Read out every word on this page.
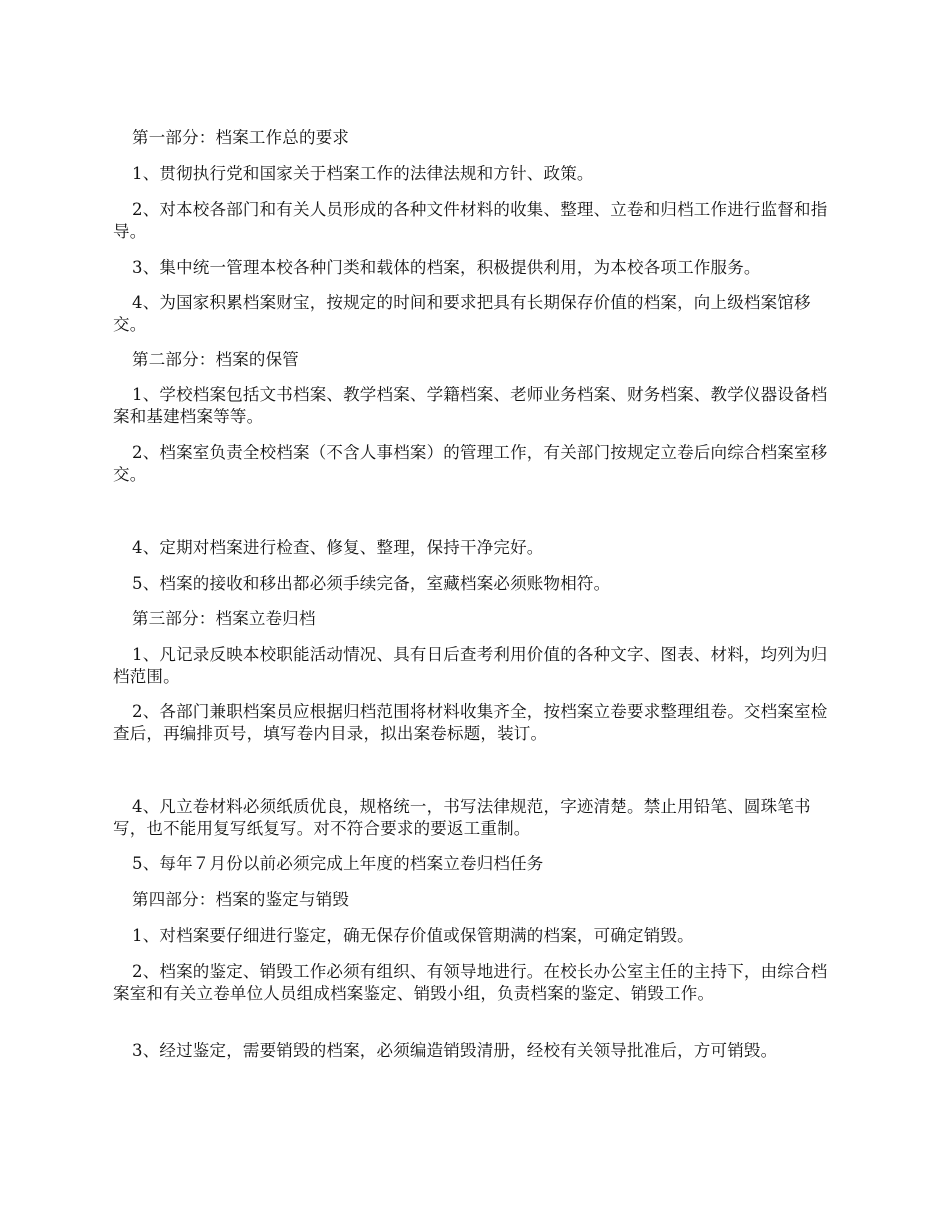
第一部分：档案工作总的要求
1、贯彻执行党和国家关于档案工作的法律法规和方针、政策。
2、对本校各部门和有关人员形成的各种文件材料的收集、整理、立卷和归档工作进行监督和指导。
3、集中统一管理本校各种门类和载体的档案，积极提供利用，为本校各项工作服务。
4、为国家积累档案财宝，按规定的时间和要求把具有长期保存价值的档案，向上级档案馆移交。
第二部分：档案的保管
1、学校档案包括文书档案、教学档案、学籍档案、老师业务档案、财务档案、教学仪器设备档案和基建档案等等。
2、档案室负责全校档案（不含人事档案）的管理工作，有关部门按规定立卷后向综合档案室移交。
4、定期对档案进行检查、修复、整理，保持干净完好。
5、档案的接收和移出都必须手续完备，室藏档案必须账物相符。
第三部分：档案立卷归档
1、凡记录反映本校职能活动情况、具有日后查考利用价值的各种文字、图表、材料，均列为归档范围。
2、各部门兼职档案员应根据归档范围将材料收集齐全，按档案立卷要求整理组卷。交档案室检查后，再编排页号，填写卷内目录，拟出案卷标题，装订。
4、凡立卷材料必须纸质优良，规格统一，书写法律规范，字迹清楚。禁止用铅笔、圆珠笔书写，也不能用复写纸复写。对不符合要求的要返工重制。
5、每年７月份以前必须完成上年度的档案立卷归档任务
第四部分：档案的鉴定与销毁
1、对档案要仔细进行鉴定，确无保存价值或保管期满的档案，可确定销毁。
2、档案的鉴定、销毁工作必须有组织、有领导地进行。在校长办公室主任的主持下，由综合档案室和有关立卷单位人员组成档案鉴定、销毁小组，负责档案的鉴定、销毁工作。
3、经过鉴定，需要销毁的档案，必须编造销毁清册，经校有关领导批准后，方可销毁。
